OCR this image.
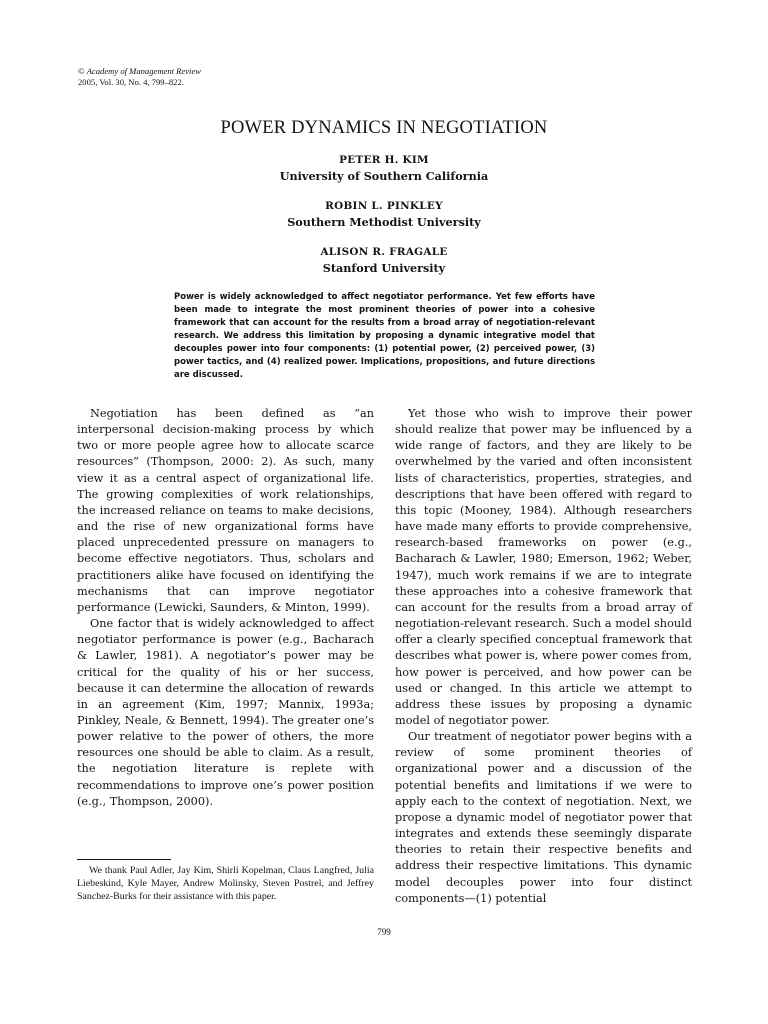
© Academy of Management Review
2005, Vol. 30, No. 4, 799–822.
POWER DYNAMICS IN NEGOTIATION
PETER H. KIM
University of Southern California
ROBIN L. PINKLEY
Southern Methodist University
ALISON R. FRAGALE
Stanford University
Power is widely acknowledged to affect negotiator performance. Yet few efforts have been made to integrate the most prominent theories of power into a cohesive framework that can account for the results from a broad array of negotiation-relevant research. We address this limitation by proposing a dynamic integrative model that decouples power into four components: (1) potential power, (2) perceived power, (3) power tactics, and (4) realized power. Implications, propositions, and future directions are discussed.

Negotiation has been defined as “an interpersonal decision-making process by which two or more people agree how to allocate scarce resources” (Thompson, 2000: 2). As such, many view it as a central aspect of organizational life. The growing complexities of work relationships, the increased reliance on teams to make decisions, and the rise of new organizational forms have placed unprecedented pressure on managers to become effective negotiators. Thus, scholars and practitioners alike have focused on identifying the mechanisms that can improve negotiator performance (Lewicki, Saunders, & Minton, 1999).

One factor that is widely acknowledged to affect negotiator performance is power (e.g., Bacharach & Lawler, 1981). A negotiator’s power may be critical for the quality of his or her success, because it can determine the allocation of rewards in an agreement (Kim, 1997; Mannix, 1993a; Pinkley, Neale, & Bennett, 1994). The greater one’s power relative to the power of others, the more resources one should be able to claim. As a result, the negotiation literature is replete with recommendations to improve one’s power position (e.g., Thompson, 2000).

Yet those who wish to improve their power should realize that power may be influenced by a wide range of factors, and they are likely to be overwhelmed by the varied and often inconsistent lists of characteristics, properties, strategies, and descriptions that have been offered with regard to this topic (Mooney, 1984). Although researchers have made many efforts to provide comprehensive, research-based frameworks on power (e.g., Bacharach & Lawler, 1980; Emerson, 1962; Weber, 1947), much work remains if we are to integrate these approaches into a cohesive framework that can account for the results from a broad array of negotiation-relevant research. Such a model should offer a clearly specified conceptual framework that describes what power is, where power comes from, how power is perceived, and how power can be used or changed. In this article we attempt to address these issues by proposing a dynamic model of negotiator power.

Our treatment of negotiator power begins with a review of some prominent theories of organizational power and a discussion of the potential benefits and limitations if we were to apply each to the context of negotiation. Next, we propose a dynamic model of negotiator power that integrates and extends these seemingly disparate theories to retain their respective benefits and address their respective limitations. This dynamic model decouples power into four distinct components—(1) potential

We thank Paul Adler, Jay Kim, Shirli Kopelman, Claus Langfred, Julia Liebeskind, Kyle Mayer, Andrew Molinsky, Steven Postrel, and Jeffrey Sanchez-Burks for their assistance with this paper.
799
